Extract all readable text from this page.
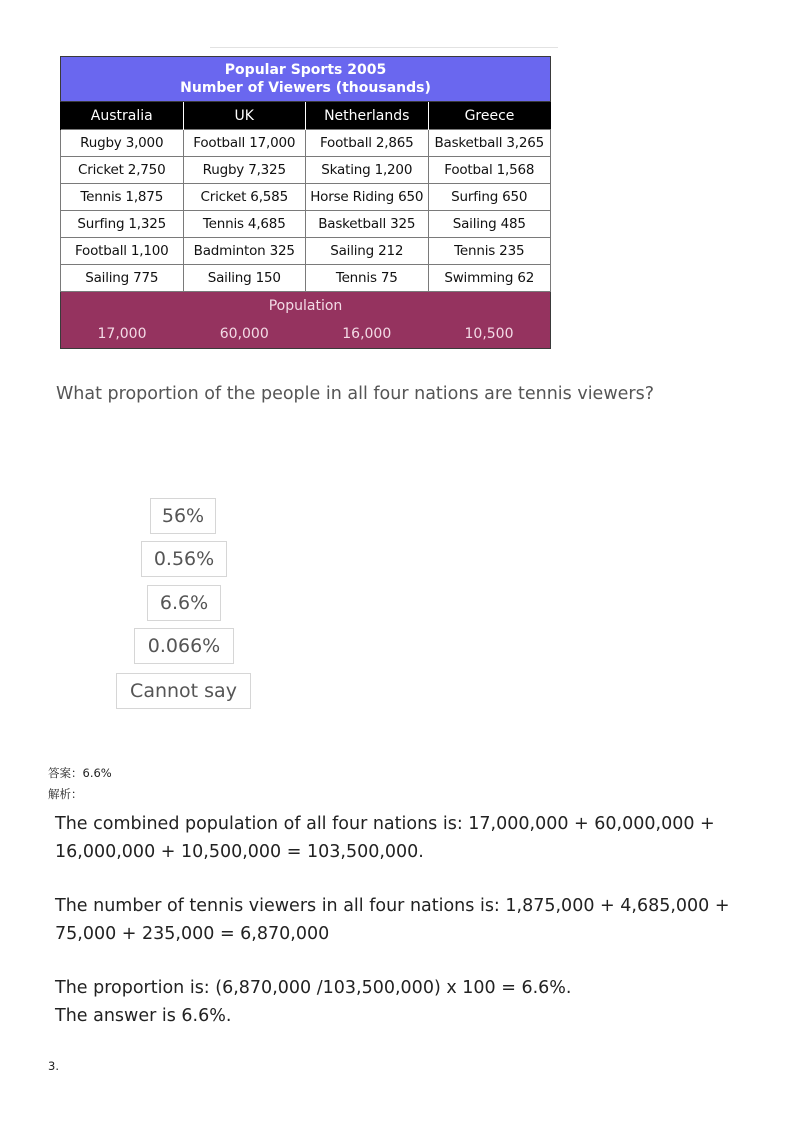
Popular Sports 2005
Number of Viewers (thousands)			

Australia	UK	Netherlands	Greece
Rugby 3,000	Football 17,000	Football 2,865	Basketball 3,265
Cricket 2,750	Rugby 7,325	Skating 1,200	Footbal 1,568
Tennis 1,875	Cricket 6,585	Horse Riding 650	Surfing 650
Surfing 1,325	Tennis 4,685	Basketball 325	Sailing 485
Football 1,100	Badminton 325	Sailing 212	Tennis 235
Sailing 775	Sailing 150	Tennis 75	Swimming 62
Population			
17,000	60,000	16,000	10,500
What proportion of the people in all four nations are tennis viewers?
56%
0.56%
6.6%
0.066%
Cannot say
答案：6.6%
解析：
The combined population of all four nations is: 17,000,000 + 60,000,000 +
16,000,000 + 10,500,000 = 103,500,000.
The number of tennis viewers in all four nations is: 1,875,000 + 4,685,000 +
75,000 + 235,000 = 6,870,000
The proportion is: (6,870,000 /103,500,000) x 100 = 6.6%.
The answer is 6.6%.
3.
